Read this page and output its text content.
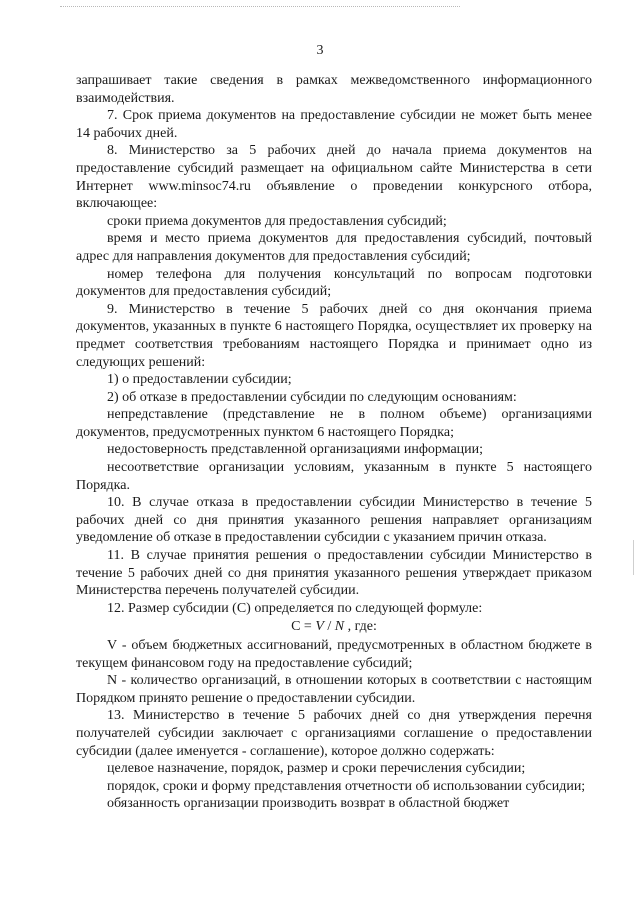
3

запрашивает такие сведения в рамках межведомственного информационного взаимодействия.

7. Срок приема документов на предоставление субсидии не может быть менее 14 рабочих дней.

8. Министерство за 5 рабочих дней до начала приема документов на предоставление субсидий размещает на официальном сайте Министерства в сети Интернет www.minsoc74.ru объявление о проведении конкурсного отбора, включающее:

сроки приема документов для предоставления субсидий;

время и место приема документов для предоставления субсидий, почтовый адрес для направления документов для предоставления субсидий;

номер телефона для получения консультаций по вопросам подготовки документов для предоставления субсидий;

9. Министерство в течение 5 рабочих дней со дня окончания приема документов, указанных в пункте 6 настоящего Порядка, осуществляет их проверку на предмет соответствия требованиям настоящего Порядка и принимает одно из следующих решений:

1) о предоставлении субсидии;

2) об отказе в предоставлении субсидии по следующим основаниям:

непредставление (представление не в полном объеме) организациями документов, предусмотренных пунктом 6 настоящего Порядка;

недостоверность представленной организациями информации;

несоответствие организации условиям, указанным в пункте 5 настоящего Порядка.

10. В случае отказа в предоставлении субсидии Министерство в течение 5 рабочих дней со дня принятия указанного решения направляет организациям уведомление об отказе в предоставлении субсидии с указанием причин отказа.

11. В случае принятия решения о предоставлении субсидии Министерство в течение 5 рабочих дней со дня принятия указанного решения утверждает приказом Министерства перечень получателей субсидии.

12. Размер субсидии (С) определяется по следующей формуле:

C = V / N , где:

V - объем бюджетных ассигнований, предусмотренных в областном бюджете в текущем финансовом году на предоставление субсидий;

N - количество организаций, в отношении которых в соответствии с настоящим Порядком принято решение о предоставлении субсидии.

13. Министерство в течение 5 рабочих дней со дня утверждения перечня получателей субсидии заключает с организациями соглашение о предоставлении субсидии (далее именуется - соглашение), которое должно содержать:

целевое назначение, порядок, размер и сроки перечисления субсидии;

порядок, сроки и форму представления отчетности об использовании субсидии;

обязанность организации производить возврат в областной бюджет
